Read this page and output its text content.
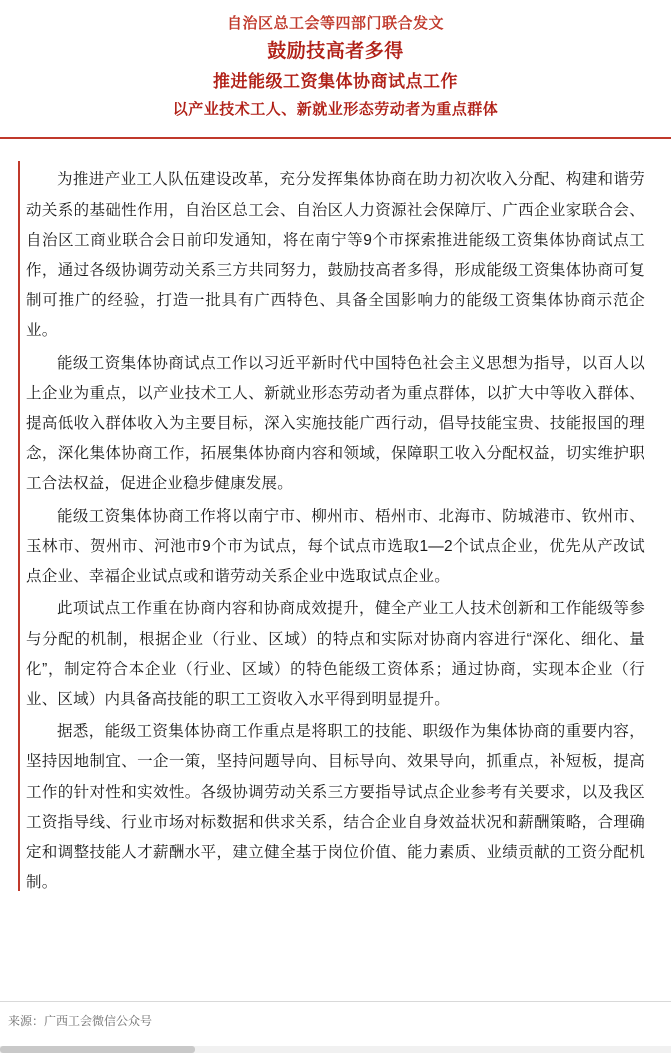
自治区总工会等四部门联合发文
鼓励技高者多得
推进能级工资集体协商试点工作
以产业技术工人、新就业形态劳动者为重点群体

为推进产业工人队伍建设改革，充分发挥集体协商在助力初次收入分配、构建和谐劳动关系的基础性作用，自治区总工会、自治区人力资源社会保障厅、广西企业家联合会、自治区工商业联合会日前印发通知，将在南宁等9个市探索推进能级工资集体协商试点工作，通过各级协调劳动关系三方共同努力，鼓励技高者多得，形成能级工资集体协商可复制可推广的经验，打造一批具有广西特色、具备全国影响力的能级工资集体协商示范企业。

能级工资集体协商试点工作以习近平新时代中国特色社会主义思想为指导，以百人以上企业为重点，以产业技术工人、新就业形态劳动者为重点群体，以扩大中等收入群体、提高低收入群体收入为主要目标，深入实施技能广西行动，倡导技能宝贵、技能报国的理念，深化集体协商工作，拓展集体协商内容和领域，保障职工收入分配权益，切实维护职工合法权益，促进企业稳步健康发展。

能级工资集体协商工作将以南宁市、柳州市、梧州市、北海市、防城港市、钦州市、玉林市、贺州市、河池市9个市为试点，每个试点市选取1—2个试点企业，优先从产改试点企业、幸福企业试点或和谐劳动关系企业中选取试点企业。

此项试点工作重在协商内容和协商成效提升，健全产业工人技术创新和工作能级等参与分配的机制，根据企业（行业、区域）的特点和实际对协商内容进行“深化、细化、量化”，制定符合本企业（行业、区域）的特色能级工资体系；通过协商，实现本企业（行业、区域）内具备高技能的职工工资收入水平得到明显提升。

据悉，能级工资集体协商工作重点是将职工的技能、职级作为集体协商的重要内容，坚持因地制宜、一企一策，坚持问题导向、目标导向、效果导向，抓重点，补短板，提高工作的针对性和实效性。各级协调劳动关系三方要指导试点企业参考有关要求，以及我区工资指导线、行业市场对标数据和供求关系，结合企业自身效益状况和薪酬策略，合理确定和调整技能人才薪酬水平，建立健全基于岗位价值、能力素质、业绩贡献的工资分配机制。

来源：广西工会微信公众号
